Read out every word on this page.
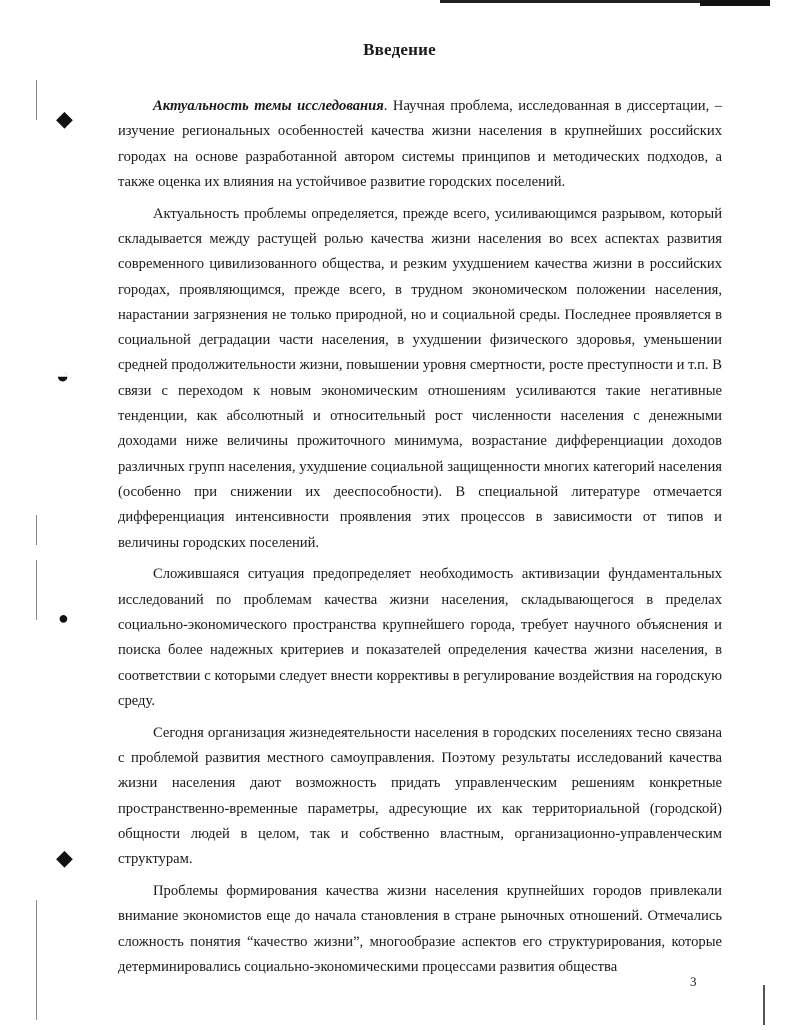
◆
◒
●
◆
Введение

Актуальность темы исследования. Научная проблема, исследованная в диссертации, – изучение региональных особенностей качества жизни населения в крупнейших российских городах на основе разработанной автором системы принципов и методических подходов, а также оценка их влияния на устойчивое развитие городских поселений.

Актуальность проблемы определяется, прежде всего, усиливающимся разрывом, который складывается между растущей ролью качества жизни населения во всех аспектах развития современного цивилизованного общества, и резким ухудшением качества жизни в российских городах, проявляющимся, прежде всего, в трудном экономическом положении населения, нарастании загрязнения не только природной, но и социальной среды. Последнее проявляется в социальной деградации части населения, в ухудшении физического здоровья, уменьшении средней продолжительности жизни, повышении уровня смертности, росте преступности и т.п. В связи с переходом к новым экономическим отношениям усиливаются такие негативные тенденции, как абсолютный и относительный рост численности населения с денежными доходами ниже величины прожиточного минимума, возрастание дифференциации доходов различных групп населения, ухудшение социальной защищенности многих категорий населения (особенно при снижении их дееспособности). В специальной литературе отмечается дифференциация интенсивности проявления этих процессов в зависимости от типов и величины городских поселений.

Сложившаяся ситуация предопределяет необходимость активизации фундаментальных исследований по проблемам качества жизни населения, складывающегося в пределах социально-экономического пространства крупнейшего города, требует научного объяснения и поиска более надежных критериев и показателей определения качества жизни населения, в соответствии с которыми следует внести коррективы в регулирование воздействия на городскую среду.

Сегодня организация жизнедеятельности населения в городских поселениях тесно связана с проблемой развития местного самоуправления. Поэтому результаты исследований качества жизни населения дают возможность придать управленческим решениям конкретные пространственно-временные параметры, адресующие их как территориальной (городской) общности людей в целом, так и собственно властным, организационно-управленческим структурам.

Проблемы формирования качества жизни населения крупнейших городов привлекали внимание экономистов еще до начала становления в стране рыночных отношений. Отмечались сложность понятия “качество жизни”, многообразие аспектов его структурирования, которые детерминировались социально-экономическими процессами развития общества

3
